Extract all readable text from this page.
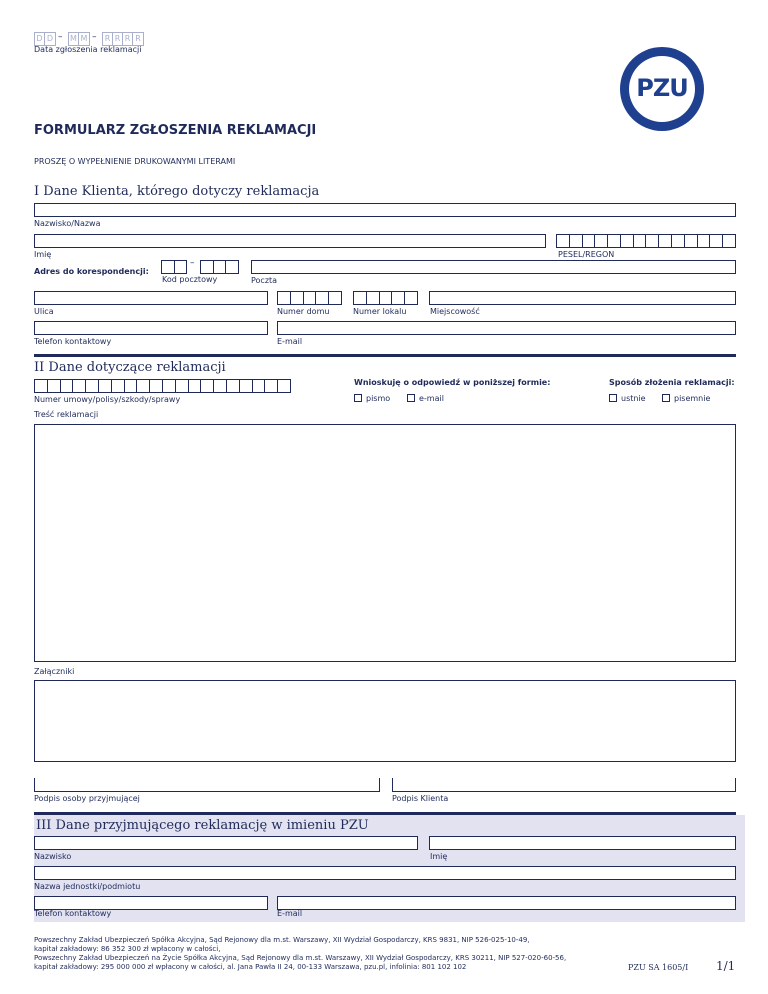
D D – M M – R R R R
Data zgłoszenia reklamacji
PZU
FORMULARZ ZGŁOSZENIA REKLAMACJI
PROSZĘ O WYPEŁNIENIE DRUKOWANYMI LITERAMI
I Dane Klienta, którego dotyczy reklamacja
Nazwisko/Nazwa
Imię	PESEL/REGON
Adres do korespondencji:
–
Kod pocztowy	Poczta
Ulica	Numer domu	Numer lokalu	Miejscowość
Telefon kontaktowy	E-mail
II Dane dotyczące reklamacji
Numer umowy/polisy/szkody/sprawy
Wnioskuję o odpowiedź w poniższej formie:
pismo	e-mail
Sposób złożenia reklamacji:
ustnie	pisemnie
Treść reklamacji
Załączniki
Podpis osoby przyjmującej	Podpis Klienta
III Dane przyjmującego reklamację w imieniu PZU
Nazwisko	Imię
Nazwa jednostki/podmiotu
Telefon kontaktowy	E-mail
Powszechny Zakład Ubezpieczeń Spółka Akcyjna, Sąd Rejonowy dla m.st. Warszawy, XII Wydział Gospodarczy, KRS 9831, NIP 526-025-10-49,
kapitał zakładowy: 86 352 300 zł wpłacony w całości,
Powszechny Zakład Ubezpieczeń na Życie Spółka Akcyjna, Sąd Rejonowy dla m.st. Warszawy, XII Wydział Gospodarczy, KRS 30211, NIP 527-020-60-56,
kapitał zakładowy: 295 000 000 zł wpłacony w całości, al. Jana Pawła II 24, 00-133 Warszawa, pzu.pl, infolinia: 801 102 102	PZU SA 1605/I 1/1
